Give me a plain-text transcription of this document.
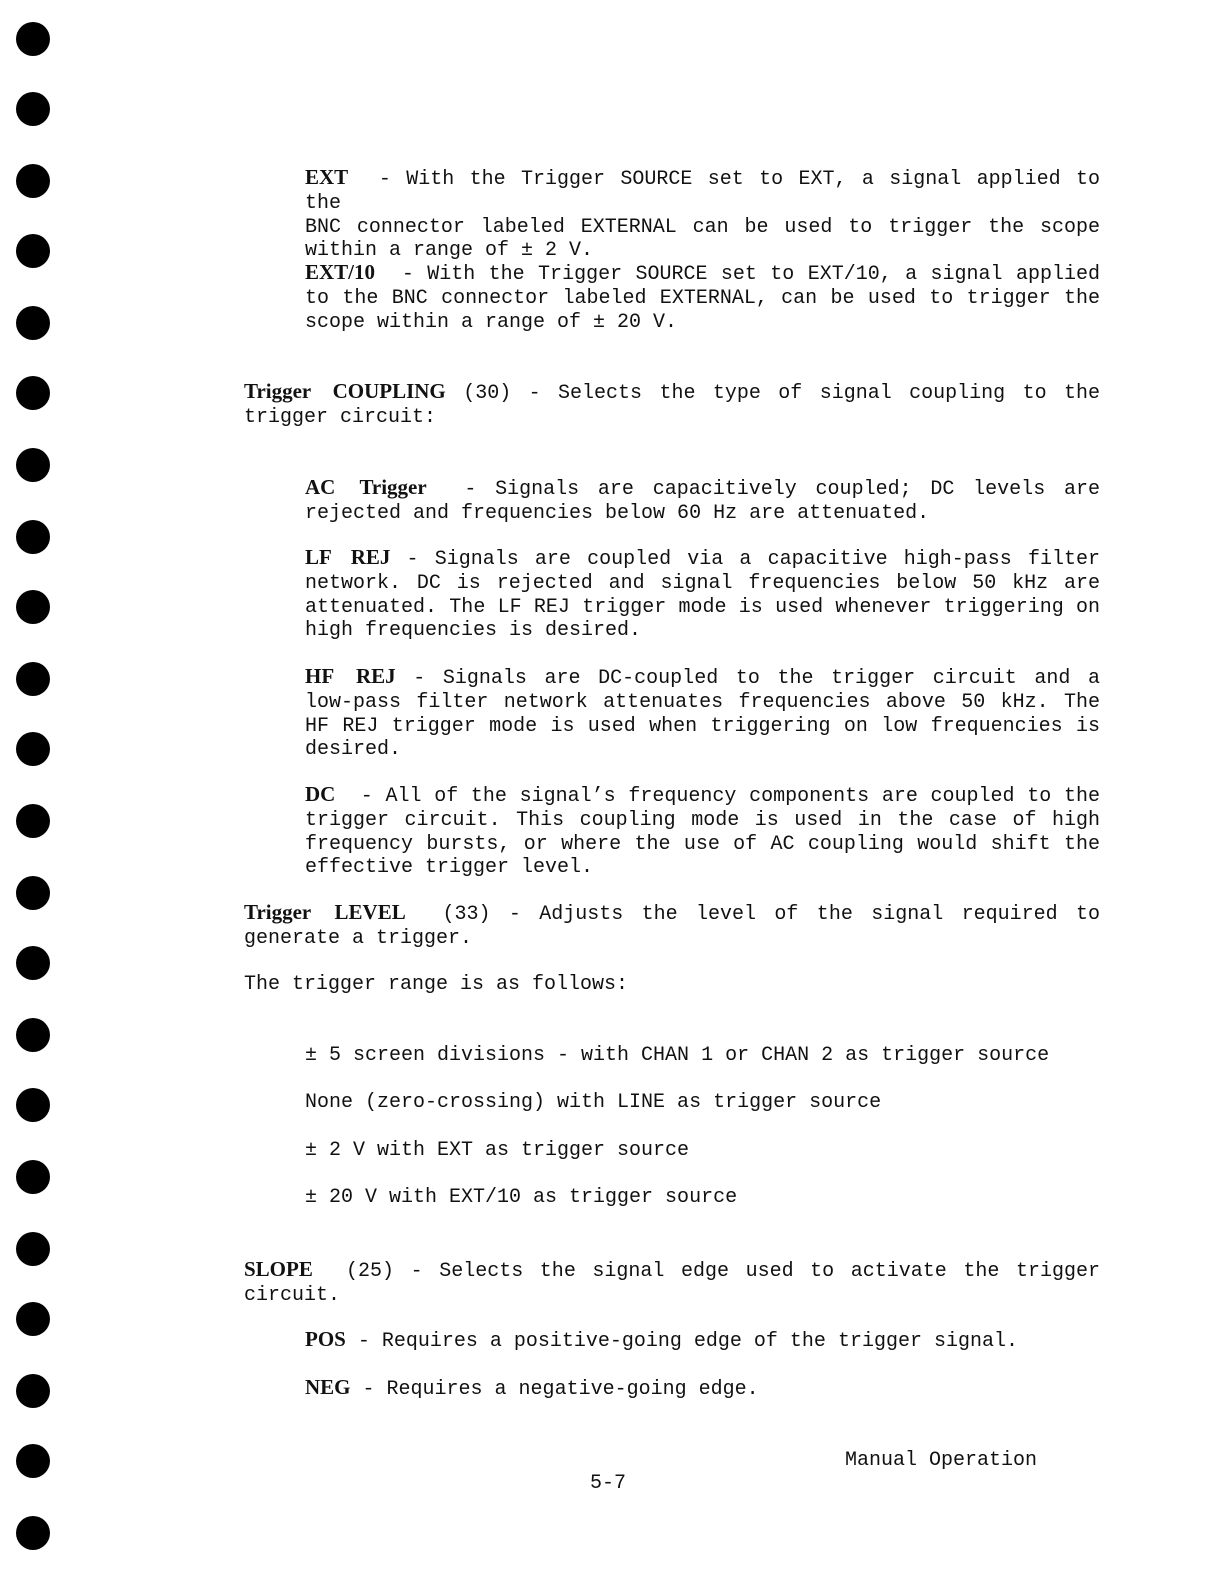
EXT - With the Trigger SOURCE set to EXT, a signal applied to the
BNC connector labeled EXTERNAL can be used to trigger the scope
within a range of ± 2 V.
EXT/10 - With the Trigger SOURCE set to EXT/10, a signal applied
to the BNC connector labeled EXTERNAL, can be used to trigger the
scope within a range of ± 20 V.
Trigger COUPLING (30) - Selects the type of signal coupling to the
trigger circuit:
AC Trigger - Signals are capacitively coupled; DC levels are
rejected and frequencies below 60 Hz are attenuated.
LF REJ - Signals are coupled via a capacitive high-pass filter
network. DC is rejected and signal frequencies below 50 kHz are
attenuated. The LF REJ trigger mode is used whenever triggering on
high frequencies is desired.
HF REJ - Signals are DC-coupled to the trigger circuit and a
low-pass filter network attenuates frequencies above 50 kHz. The
HF REJ trigger mode is used when triggering on low frequencies is
desired.
DC - All of the signal’s frequency components are coupled to the
trigger circuit. This coupling mode is used in the case of high
frequency bursts, or where the use of AC coupling would shift the
effective trigger level.
Trigger LEVEL (33) - Adjusts the level of the signal required to
generate a trigger.
The trigger range is as follows:
± 5 screen divisions - with CHAN 1 or CHAN 2 as trigger source
None (zero-crossing) with LINE as trigger source
± 2 V with EXT as trigger source
± 20 V with EXT/10 as trigger source
SLOPE (25) - Selects the signal edge used to activate the trigger
circuit.
POS - Requires a positive-going edge of the trigger signal.
NEG - Requires a negative-going edge.
Manual Operation
5-7
